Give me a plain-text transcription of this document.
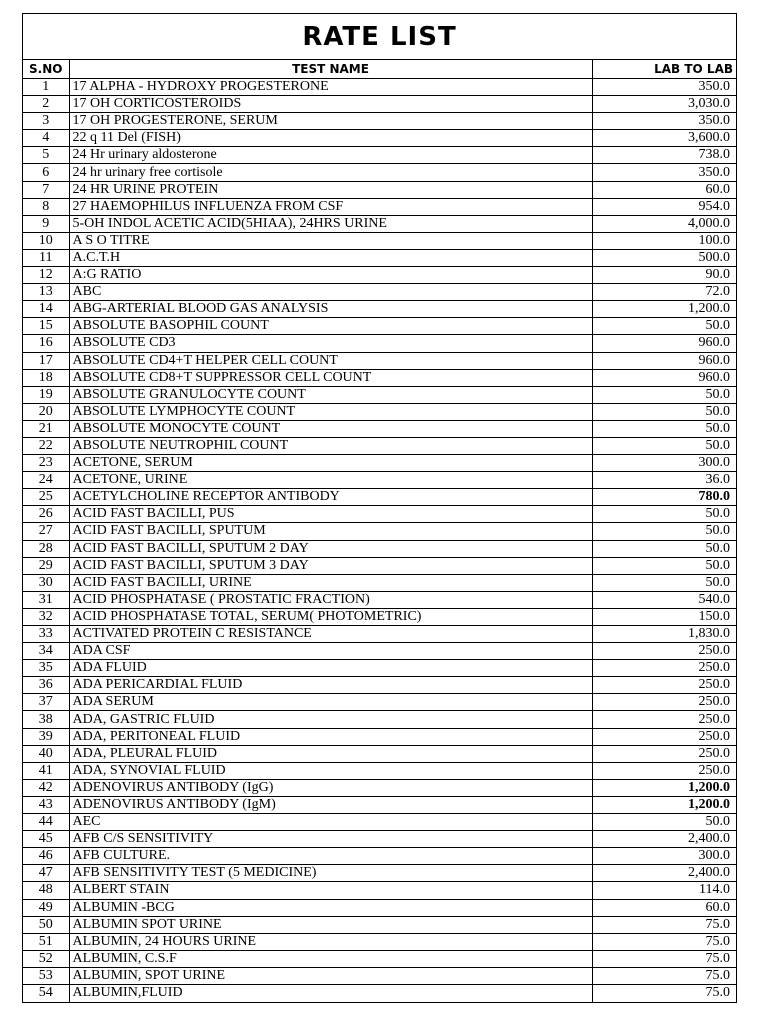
RATE LIST
S.NO	TEST NAME	LAB TO LAB
1	17 ALPHA - HYDROXY PROGESTERONE	350.0
2	17 OH CORTICOSTEROIDS	3,030.0
3	17 OH PROGESTERONE, SERUM	350.0
4	22 q 11 Del (FISH)	3,600.0
5	24 Hr urinary aldosterone	738.0
6	24 hr urinary free cortisole	350.0
7	24 HR URINE PROTEIN	60.0
8	27 HAEMOPHILUS INFLUENZA FROM CSF	954.0
9	5-OH INDOL ACETIC ACID(5HIAA), 24HRS URINE	4,000.0
10	A S O TITRE	100.0
11	A.C.T.H	500.0
12	A:G RATIO	90.0
13	ABC	72.0
14	ABG-ARTERIAL BLOOD GAS ANALYSIS	1,200.0
15	ABSOLUTE BASOPHIL COUNT	50.0
16	ABSOLUTE CD3	960.0
17	ABSOLUTE CD4+T HELPER CELL COUNT	960.0
18	ABSOLUTE CD8+T SUPPRESSOR CELL COUNT	960.0
19	ABSOLUTE GRANULOCYTE COUNT	50.0
20	ABSOLUTE LYMPHOCYTE COUNT	50.0
21	ABSOLUTE MONOCYTE COUNT	50.0
22	ABSOLUTE NEUTROPHIL COUNT	50.0
23	ACETONE, SERUM	300.0
24	ACETONE, URINE	36.0
25	ACETYLCHOLINE RECEPTOR ANTIBODY	780.0
26	ACID FAST BACILLI, PUS	50.0
27	ACID FAST BACILLI, SPUTUM	50.0
28	ACID FAST BACILLI, SPUTUM 2 DAY	50.0
29	ACID FAST BACILLI, SPUTUM 3 DAY	50.0
30	ACID FAST BACILLI, URINE	50.0
31	ACID PHOSPHATASE ( PROSTATIC FRACTION)	540.0
32	ACID PHOSPHATASE TOTAL, SERUM( PHOTOMETRIC)	150.0
33	ACTIVATED PROTEIN C RESISTANCE	1,830.0
34	ADA CSF	250.0
35	ADA FLUID	250.0
36	ADA PERICARDIAL FLUID	250.0
37	ADA SERUM	250.0
38	ADA, GASTRIC FLUID	250.0
39	ADA, PERITONEAL FLUID	250.0
40	ADA, PLEURAL FLUID	250.0
41	ADA, SYNOVIAL FLUID	250.0
42	ADENOVIRUS ANTIBODY (IgG)	1,200.0
43	ADENOVIRUS ANTIBODY (IgM)	1,200.0
44	AEC	50.0
45	AFB C/S SENSITIVITY	2,400.0
46	AFB CULTURE.	300.0
47	AFB SENSITIVITY TEST (5 MEDICINE)	2,400.0
48	ALBERT STAIN	114.0
49	ALBUMIN -BCG	60.0
50	ALBUMIN SPOT URINE	75.0
51	ALBUMIN, 24 HOURS URINE	75.0
52	ALBUMIN, C.S.F	75.0
53	ALBUMIN, SPOT URINE	75.0
54	ALBUMIN,FLUID	75.0
